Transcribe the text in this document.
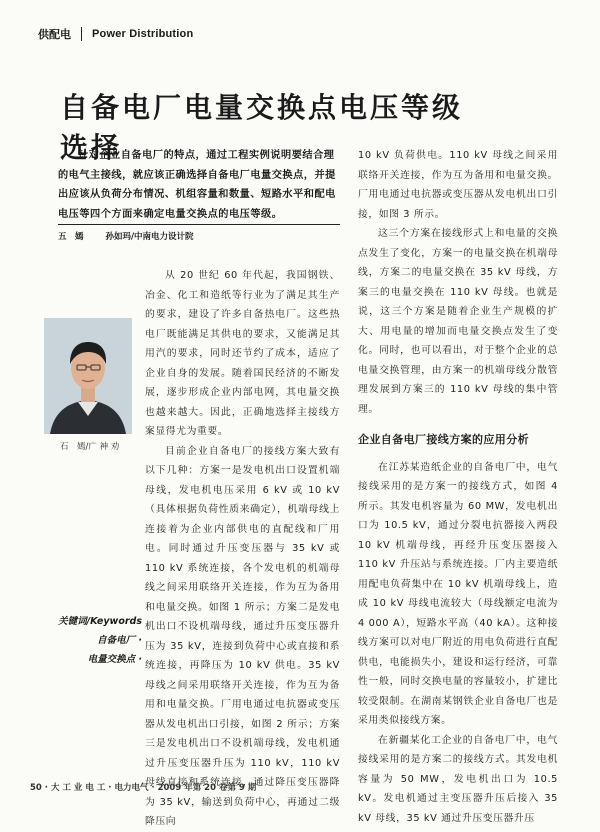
供配电 Power Distribution
自备电厂电量交换点电压等级选择

针对企业自备电厂的特点，通过工程实例说明要结合理的电气主接线，就应该正确选择自备电厂电量交换点，并提出应该从负荷分布情况、机组容量和数量、短路水平和配电电压等四个方面来确定电量交换点的电压等级。

五　嫣	孙如玛/中南电力设计院
石　嫣/广 神 劝
关键词/Keywords
自备电厂 ·
电量交换点 ·

从 20 世纪 60 年代起，我国钢铁、冶金、化工和造纸等行业为了满足其生产的要求，建设了许多自备热电厂。这些热电厂既能满足其供电的要求，又能满足其用汽的要求，同时还节约了成本，适应了企业自身的发展。随着国民经济的不断发展，逐步形成企业内部电网，其电量交换也越来越大。因此，正确地选择主接线方案显得尤为重要。

目前企业自备电厂的接线方案大致有以下几种：方案一是发电机出口设置机端母线，发电机电压采用 6 kV 或 10 kV（具体根据负荷性质来确定），机端母线上连接着为企业内部供电的直配线和厂用电。同时通过升压变压器与 35 kV 或 110 kV 系统连接，各个发电机的机端母线之间采用联络开关连接，作为互为备用和电量交换。如图 1 所示；方案二是发电机出口不设机端母线，通过升压变压器升压为 35 kV，连接到负荷中心或直接和系统连接，再降压为 10 kV 供电。35 kV 母线之间采用联络开关连接，作为互为备用和电量交换。厂用电通过电抗器或变压器从发电机出口引接，如图 2 所示；方案三是发电机出口不设机端母线，发电机通过升压变压器升压为 110 kV，110 kV 母线直接和系统连接，通过降压变压器降为 35 kV，输送到负荷中心，再通过二级降压向

10 kV 负荷供电。110 kV 母线之间采用联络开关连接，作为互为备用和电量交换。厂用电通过电抗器或变压器从发电机出口引接，如图 3 所示。

这三个方案在接线形式上和电量的交换点发生了变化，方案一的电量交换在机端母线，方案二的电量交换在 35 kV 母线，方案三的电量交换在 110 kV 母线。也就是说，这三个方案是随着企业生产规模的扩大、用电量的增加而电量交换点发生了变化。同时，也可以看出，对于整个企业的总电量交换管理，由方案一的机端母线分散管理发展到方案三的 110 kV 母线的集中管理。

企业自备电厂接线方案的应用分析

在江苏某造纸企业的自备电厂中，电气接线采用的是方案一的接线方式，如图 4 所示。其发电机容量为 60 MW，发电机出口为 10.5 kV，通过分裂电抗器接入两段 10 kV 机端母线，再经升压变压器接入 110 kV 升压站与系统连接。厂内主要造纸用配电负荷集中在 10 kV 机端母线上，造成 10 kV 母线电流较大（母线额定电流为 4 000 A），短路水平高（40 kA）。这种接线方案可以对电厂附近的用电负荷进行直配供电，电能损失小，建设和运行经济，可靠性一般，同时交换电量的容量较小，扩建比较受限制。在湖南某钢铁企业自备电厂也是采用类似接线方案。

在新疆某化工企业的自备电厂中，电气接线采用的是方案二的接线方式。其发电机容量为 50 MW，发电机出口为 10.5 kV。发电机通过主变压器升压后接入 35 kV 母线，35 kV 通过升压变压器升压

50 · 大 工 业 电 工 · 电力电气 · 2009 年第 20 卷第 9 期
